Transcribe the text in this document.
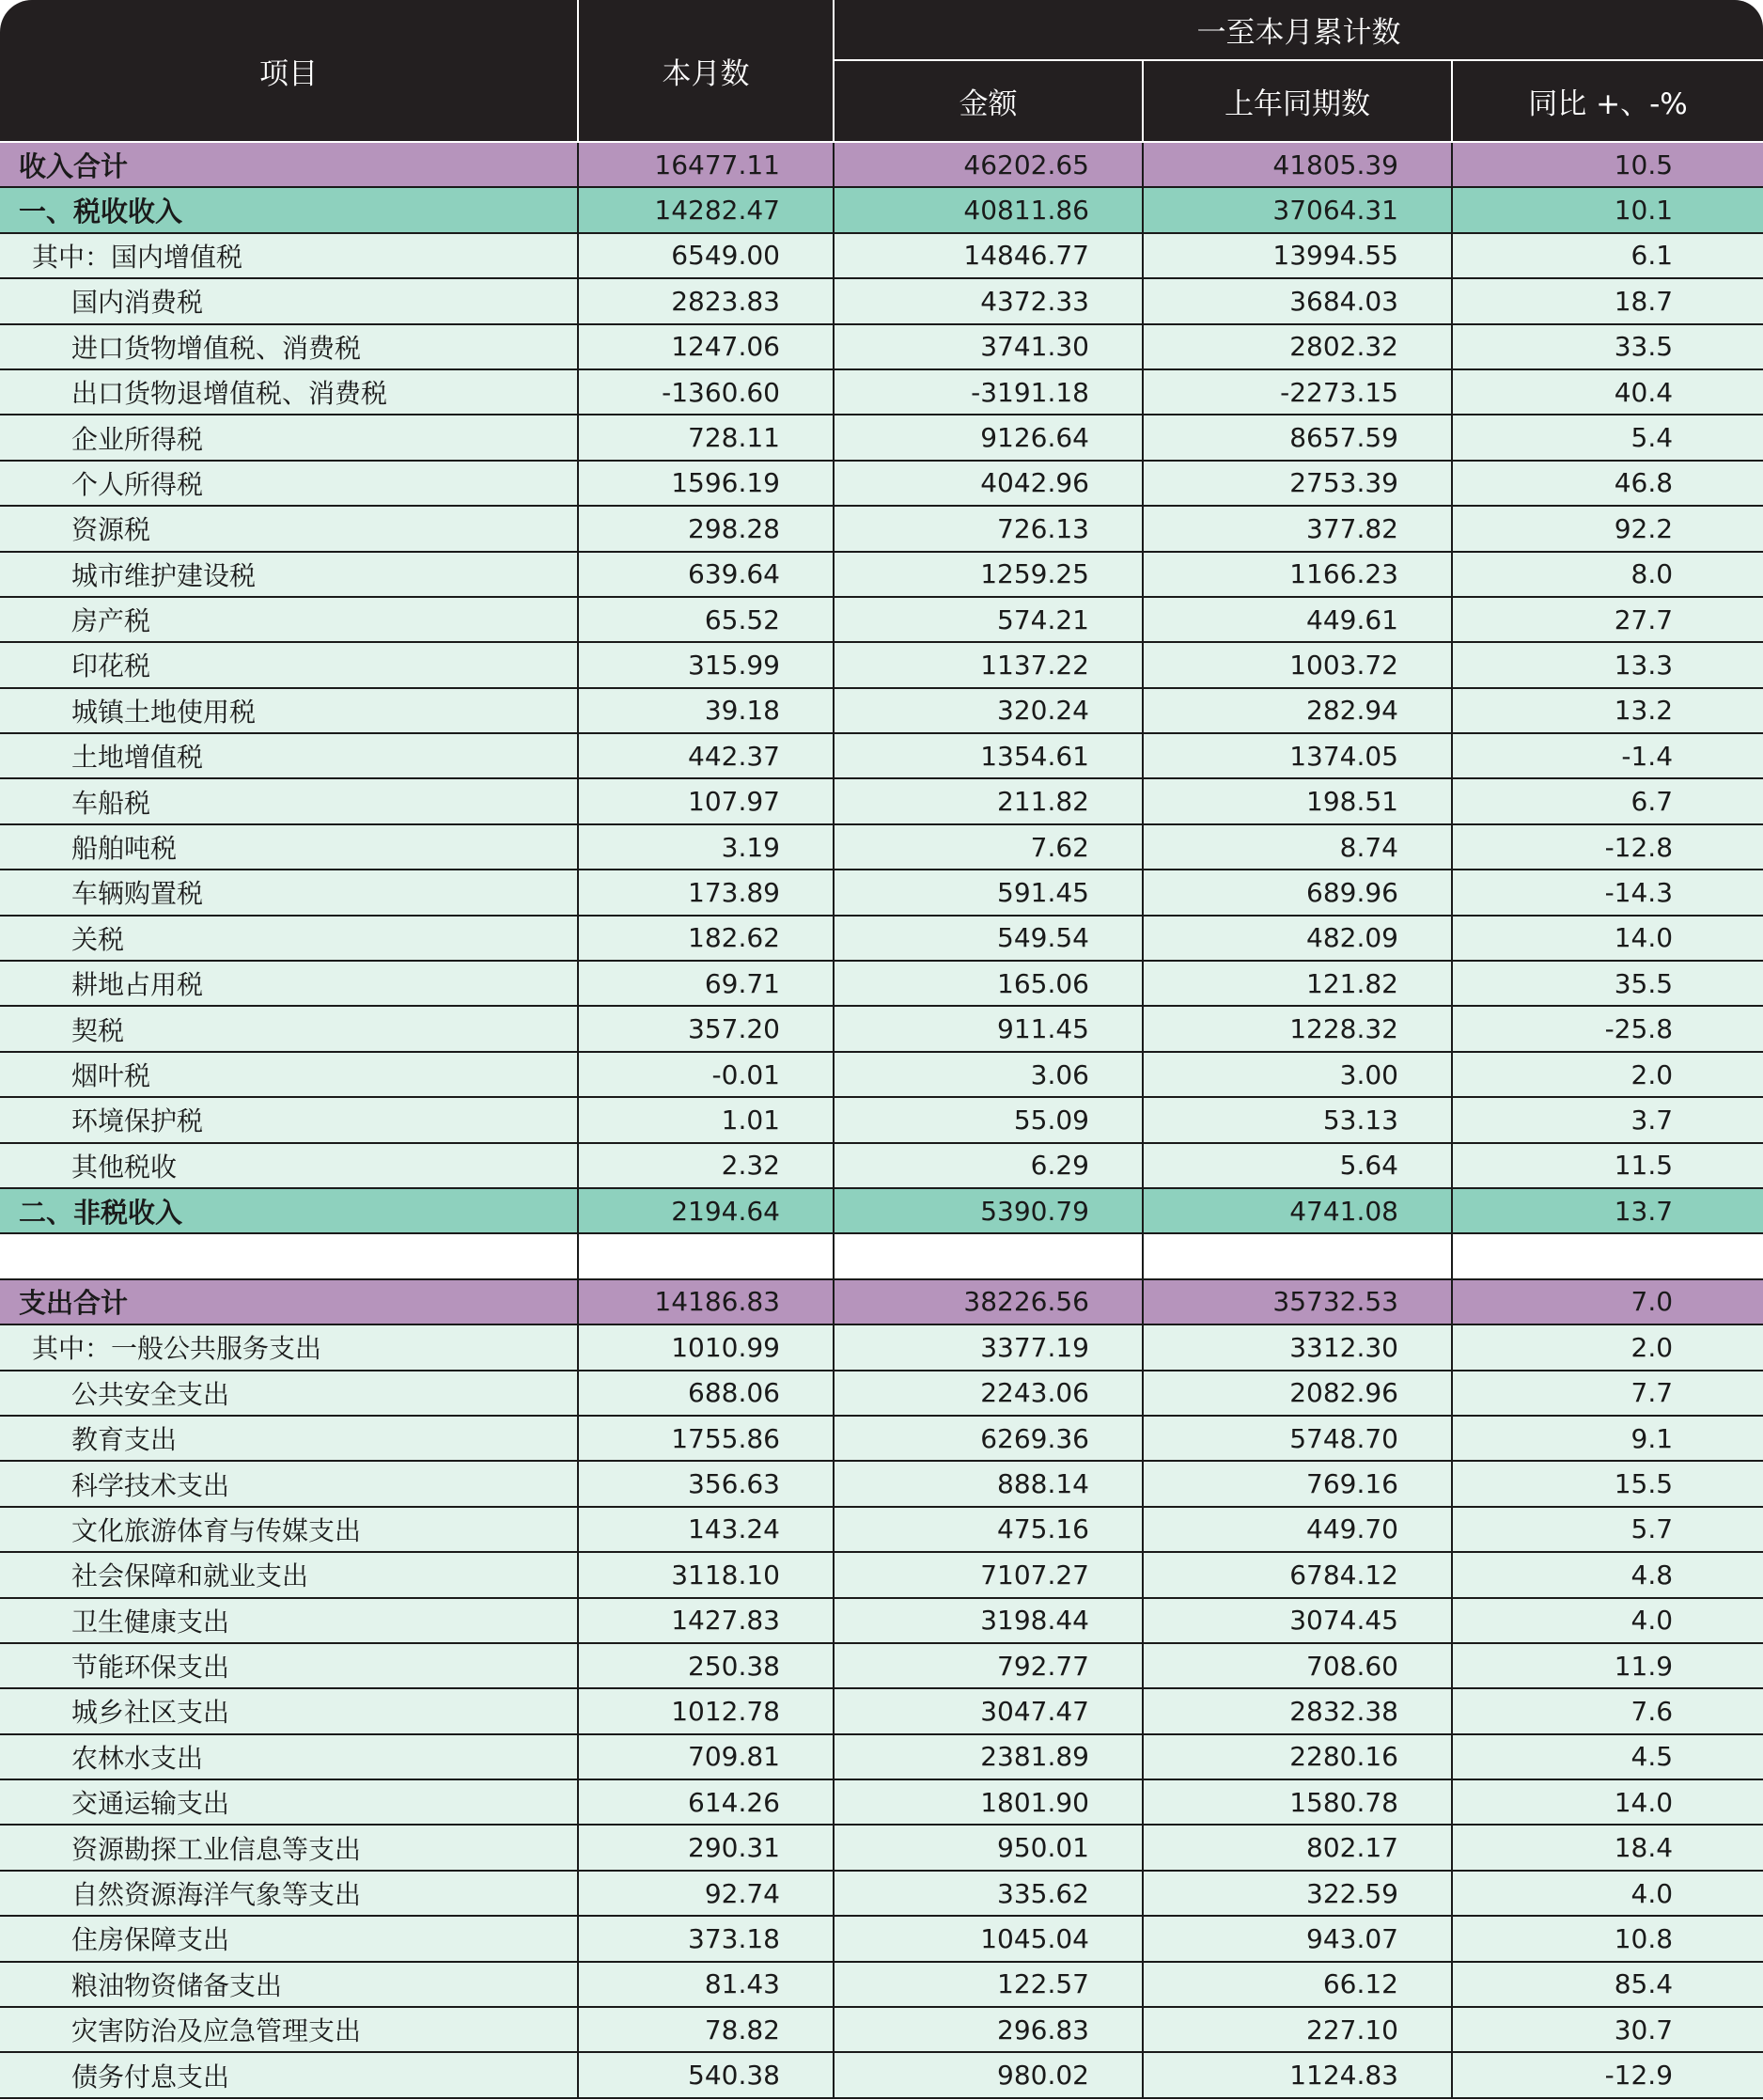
项目	本月数	一至本月累计数		
		金额	上年同期数	同比 +、-%
收入合计	16477.11	46202.65	41805.39	10.5
一、税收收入	14282.47	40811.86	37064.31	10.1
其中：国内增值税	6549.00	14846.77	13994.55	6.1
国内消费税	2823.83	4372.33	3684.03	18.7
进口货物增值税、消费税	1247.06	3741.30	2802.32	33.5
出口货物退增值税、消费税	-1360.60	-3191.18	-2273.15	40.4
企业所得税	728.11	9126.64	8657.59	5.4
个人所得税	1596.19	4042.96	2753.39	46.8
资源税	298.28	726.13	377.82	92.2
城市维护建设税	639.64	1259.25	1166.23	8.0
房产税	65.52	574.21	449.61	27.7
印花税	315.99	1137.22	1003.72	13.3
城镇土地使用税	39.18	320.24	282.94	13.2
土地增值税	442.37	1354.61	1374.05	-1.4
车船税	107.97	211.82	198.51	6.7
船舶吨税	3.19	7.62	8.74	-12.8
车辆购置税	173.89	591.45	689.96	-14.3
关税	182.62	549.54	482.09	14.0
耕地占用税	69.71	165.06	121.82	35.5
契税	357.20	911.45	1228.32	-25.8
烟叶税	-0.01	3.06	3.00	2.0
环境保护税	1.01	55.09	53.13	3.7
其他税收	2.32	6.29	5.64	11.5
二、非税收入	2194.64	5390.79	4741.08	13.7

支出合计	14186.83	38226.56	35732.53	7.0
其中：一般公共服务支出	1010.99	3377.19	3312.30	2.0
公共安全支出	688.06	2243.06	2082.96	7.7
教育支出	1755.86	6269.36	5748.70	9.1
科学技术支出	356.63	888.14	769.16	15.5
文化旅游体育与传媒支出	143.24	475.16	449.70	5.7
社会保障和就业支出	3118.10	7107.27	6784.12	4.8
卫生健康支出	1427.83	3198.44	3074.45	4.0
节能环保支出	250.38	792.77	708.60	11.9
城乡社区支出	1012.78	3047.47	2832.38	7.6
农林水支出	709.81	2381.89	2280.16	4.5
交通运输支出	614.26	1801.90	1580.78	14.0
资源勘探工业信息等支出	290.31	950.01	802.17	18.4
自然资源海洋气象等支出	92.74	335.62	322.59	4.0
住房保障支出	373.18	1045.04	943.07	10.8
粮油物资储备支出	81.43	122.57	66.12	85.4
灾害防治及应急管理支出	78.82	296.83	227.10	30.7
债务付息支出	540.38	980.02	1124.83	-12.9
